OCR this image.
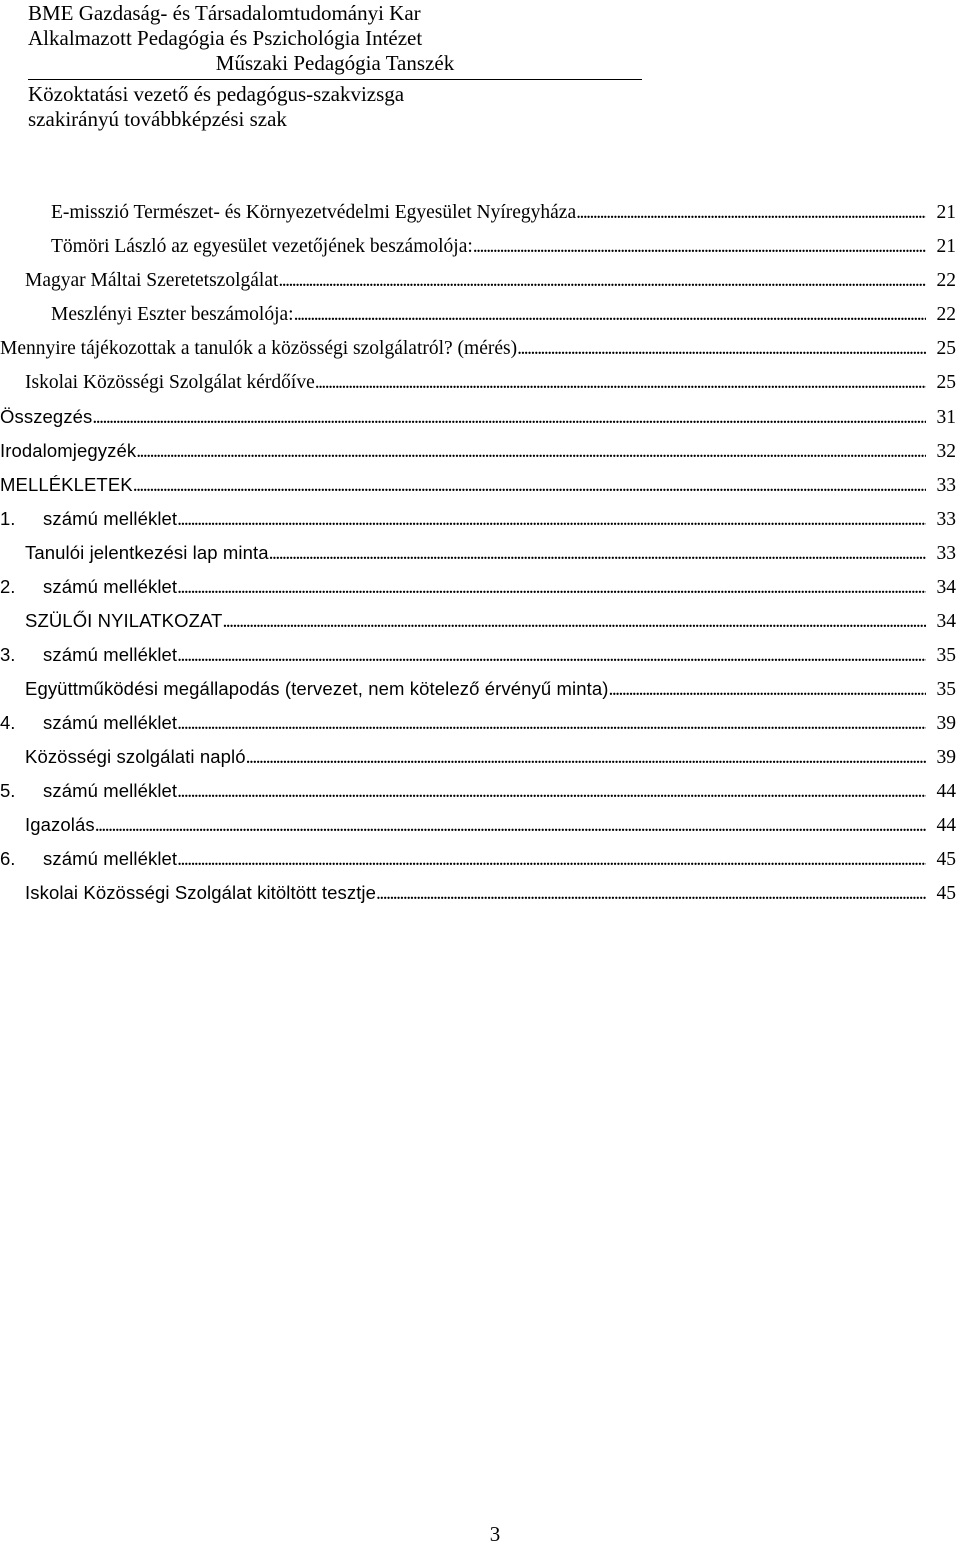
BME Gazdaság- és Társadalomtudományi Kar
Alkalmazott Pedagógia és Pszichológia Intézet
Műszaki Pedagógia Tanszék
Közoktatási vezető és pedagógus-szakvizsga
szakirányú továbbképzési szak
E-misszió Természet- és Környezetvédelmi Egyesület Nyíregyháza . . .	21
Tömöri László az egyesület vezetőjének beszámolója: . . .	21
Magyar Máltai Szeretetszolgálat . . .	22
Meszlényi Eszter beszámolója: . . .	22
Mennyire tájékozottak a tanulók a közösségi szolgálatról? (mérés) . . .	25
Iskolai Közösségi Szolgálat kérdőíve . . .	25
Összegzés . . .	31
Irodalomjegyzék . . .	32
MELLÉKLETEK . . .	33
1.	számú melléklet . . .	33
Tanulói jelentkezési lap minta . . .	33
2.	számú melléklet . . .	34
SZÜLŐI NYILATKOZAT . . .	34
3.	számú melléklet . . .	35
Együttműködési megállapodás (tervezet, nem kötelező érvényű minta) . . .	35
4.	számú melléklet . . .	39
Közösségi szolgálati napló . . .	39
5.	számú melléklet . . .	44
Igazolás . . .	44
6.	számú melléklet . . .	45
Iskolai Közösségi Szolgálat kitöltött tesztje . . .	45
3
